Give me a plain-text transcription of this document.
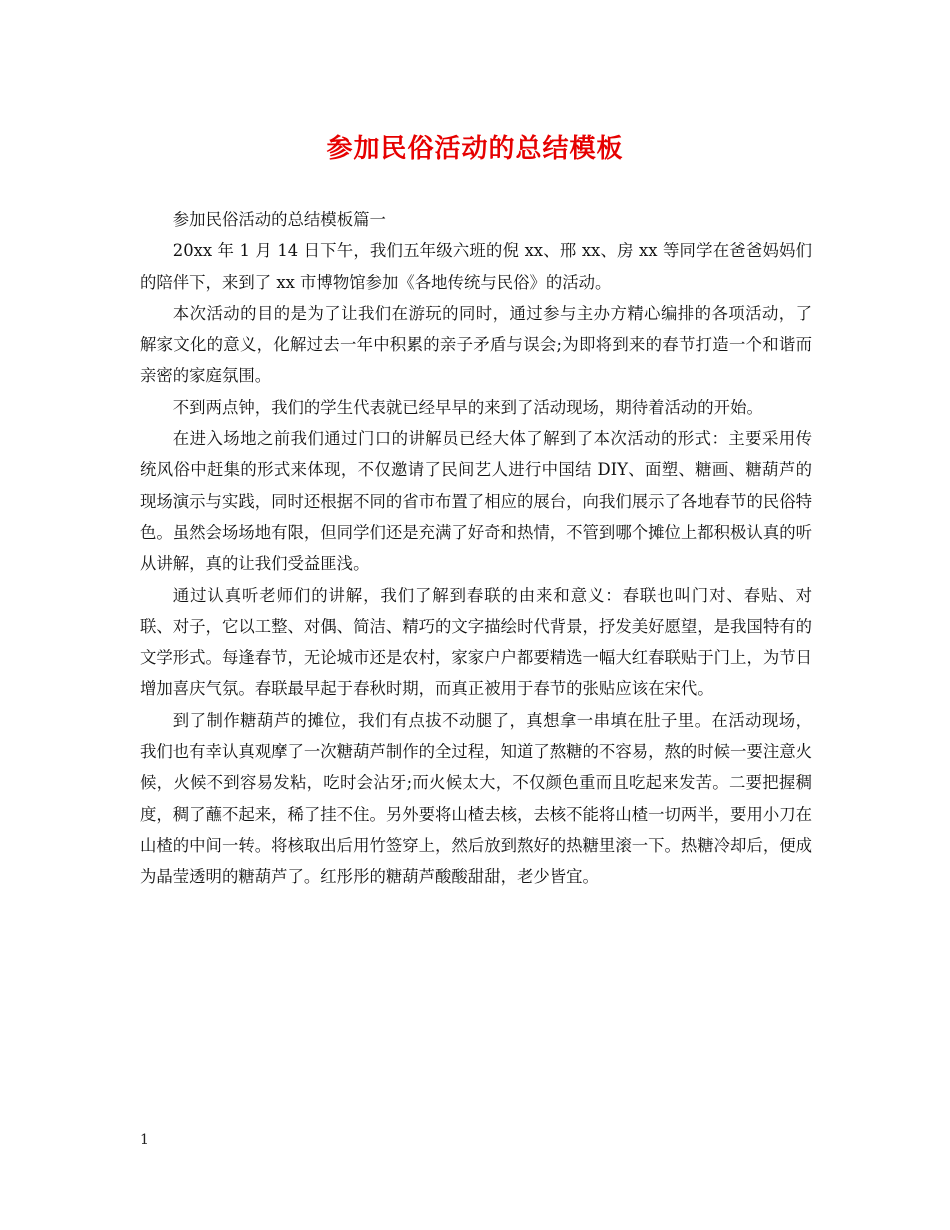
参加民俗活动的总结模板

参加民俗活动的总结模板篇一

20xx 年 1 月 14 日下午，我们五年级六班的倪 xx、邢 xx、房 xx 等同学在爸爸妈妈们的陪伴下，来到了 xx 市博物馆参加《各地传统与民俗》的活动。

本次活动的目的是为了让我们在游玩的同时，通过参与主办方精心编排的各项活动，了解家文化的意义，化解过去一年中积累的亲子矛盾与误会;为即将到来的春节打造一个和谐而亲密的家庭氛围。

不到两点钟，我们的学生代表就已经早早的来到了活动现场，期待着活动的开始。

在进入场地之前我们通过门口的讲解员已经大体了解到了本次活动的形式：主要采用传统风俗中赶集的形式来体现，不仅邀请了民间艺人进行中国结 DIY、面塑、糖画、糖葫芦的现场演示与实践，同时还根据不同的省市布置了相应的展台，向我们展示了各地春节的民俗特色。虽然会场场地有限，但同学们还是充满了好奇和热情，不管到哪个摊位上都积极认真的听从讲解，真的让我们受益匪浅。

通过认真听老师们的讲解，我们了解到春联的由来和意义：春联也叫门对、春贴、对联、对子，它以工整、对偶、简洁、精巧的文字描绘时代背景，抒发美好愿望，是我国特有的文学形式。每逢春节，无论城市还是农村，家家户户都要精选一幅大红春联贴于门上，为节日增加喜庆气氛。春联最早起于春秋时期，而真正被用于春节的张贴应该在宋代。

到了制作糖葫芦的摊位，我们有点拔不动腿了，真想拿一串填在肚子里。在活动现场，我们也有幸认真观摩了一次糖葫芦制作的全过程，知道了熬糖的不容易，熬的时候一要注意火候，火候不到容易发粘，吃时会沾牙;而火候太大，不仅颜色重而且吃起来发苦。二要把握稠度，稠了蘸不起来，稀了挂不住。另外要将山楂去核，去核不能将山楂一切两半，要用小刀在山楂的中间一转。将核取出后用竹签穿上，然后放到熬好的热糖里滚一下。热糖冷却后，便成为晶莹透明的糖葫芦了。红彤彤的糖葫芦酸酸甜甜，老少皆宜。

1
